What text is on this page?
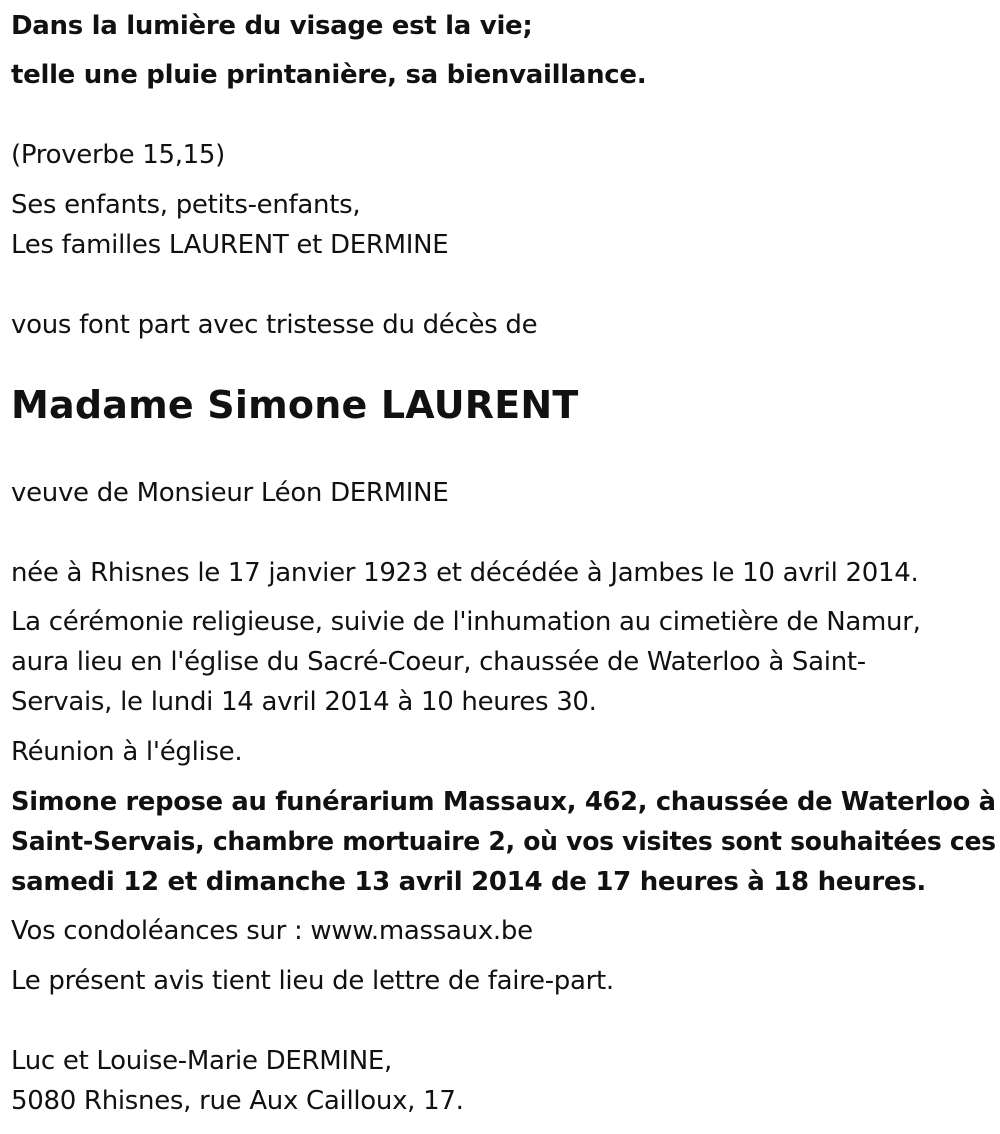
Dans la lumière du visage est la vie;
telle une pluie printanière, sa bienvaillance.
(Proverbe 15,15)
Ses enfants, petits-enfants,
Les familles LAURENT et DERMINE
vous font part avec tristesse du décès de
Madame Simone LAURENT
veuve de Monsieur Léon DERMINE
née à Rhisnes le 17 janvier 1923 et décédée à Jambes le 10 avril 2014.
La cérémonie religieuse, suivie de l'inhumation au cimetière de Namur,
aura lieu en l'église du Sacré-Coeur, chaussée de Waterloo à Saint-
Servais, le lundi 14 avril 2014 à 10 heures 30.
Réunion à l'église.
Simone repose au funérarium Massaux, 462, chaussée de Waterloo à
Saint-Servais, chambre mortuaire 2, où vos visites sont souhaitées ces
samedi 12 et dimanche 13 avril 2014 de 17 heures à 18 heures.
Vos condoléances sur : www.massaux.be
Le présent avis tient lieu de lettre de faire-part.
Luc et Louise-Marie DERMINE,
5080 Rhisnes, rue Aux Cailloux, 17.
